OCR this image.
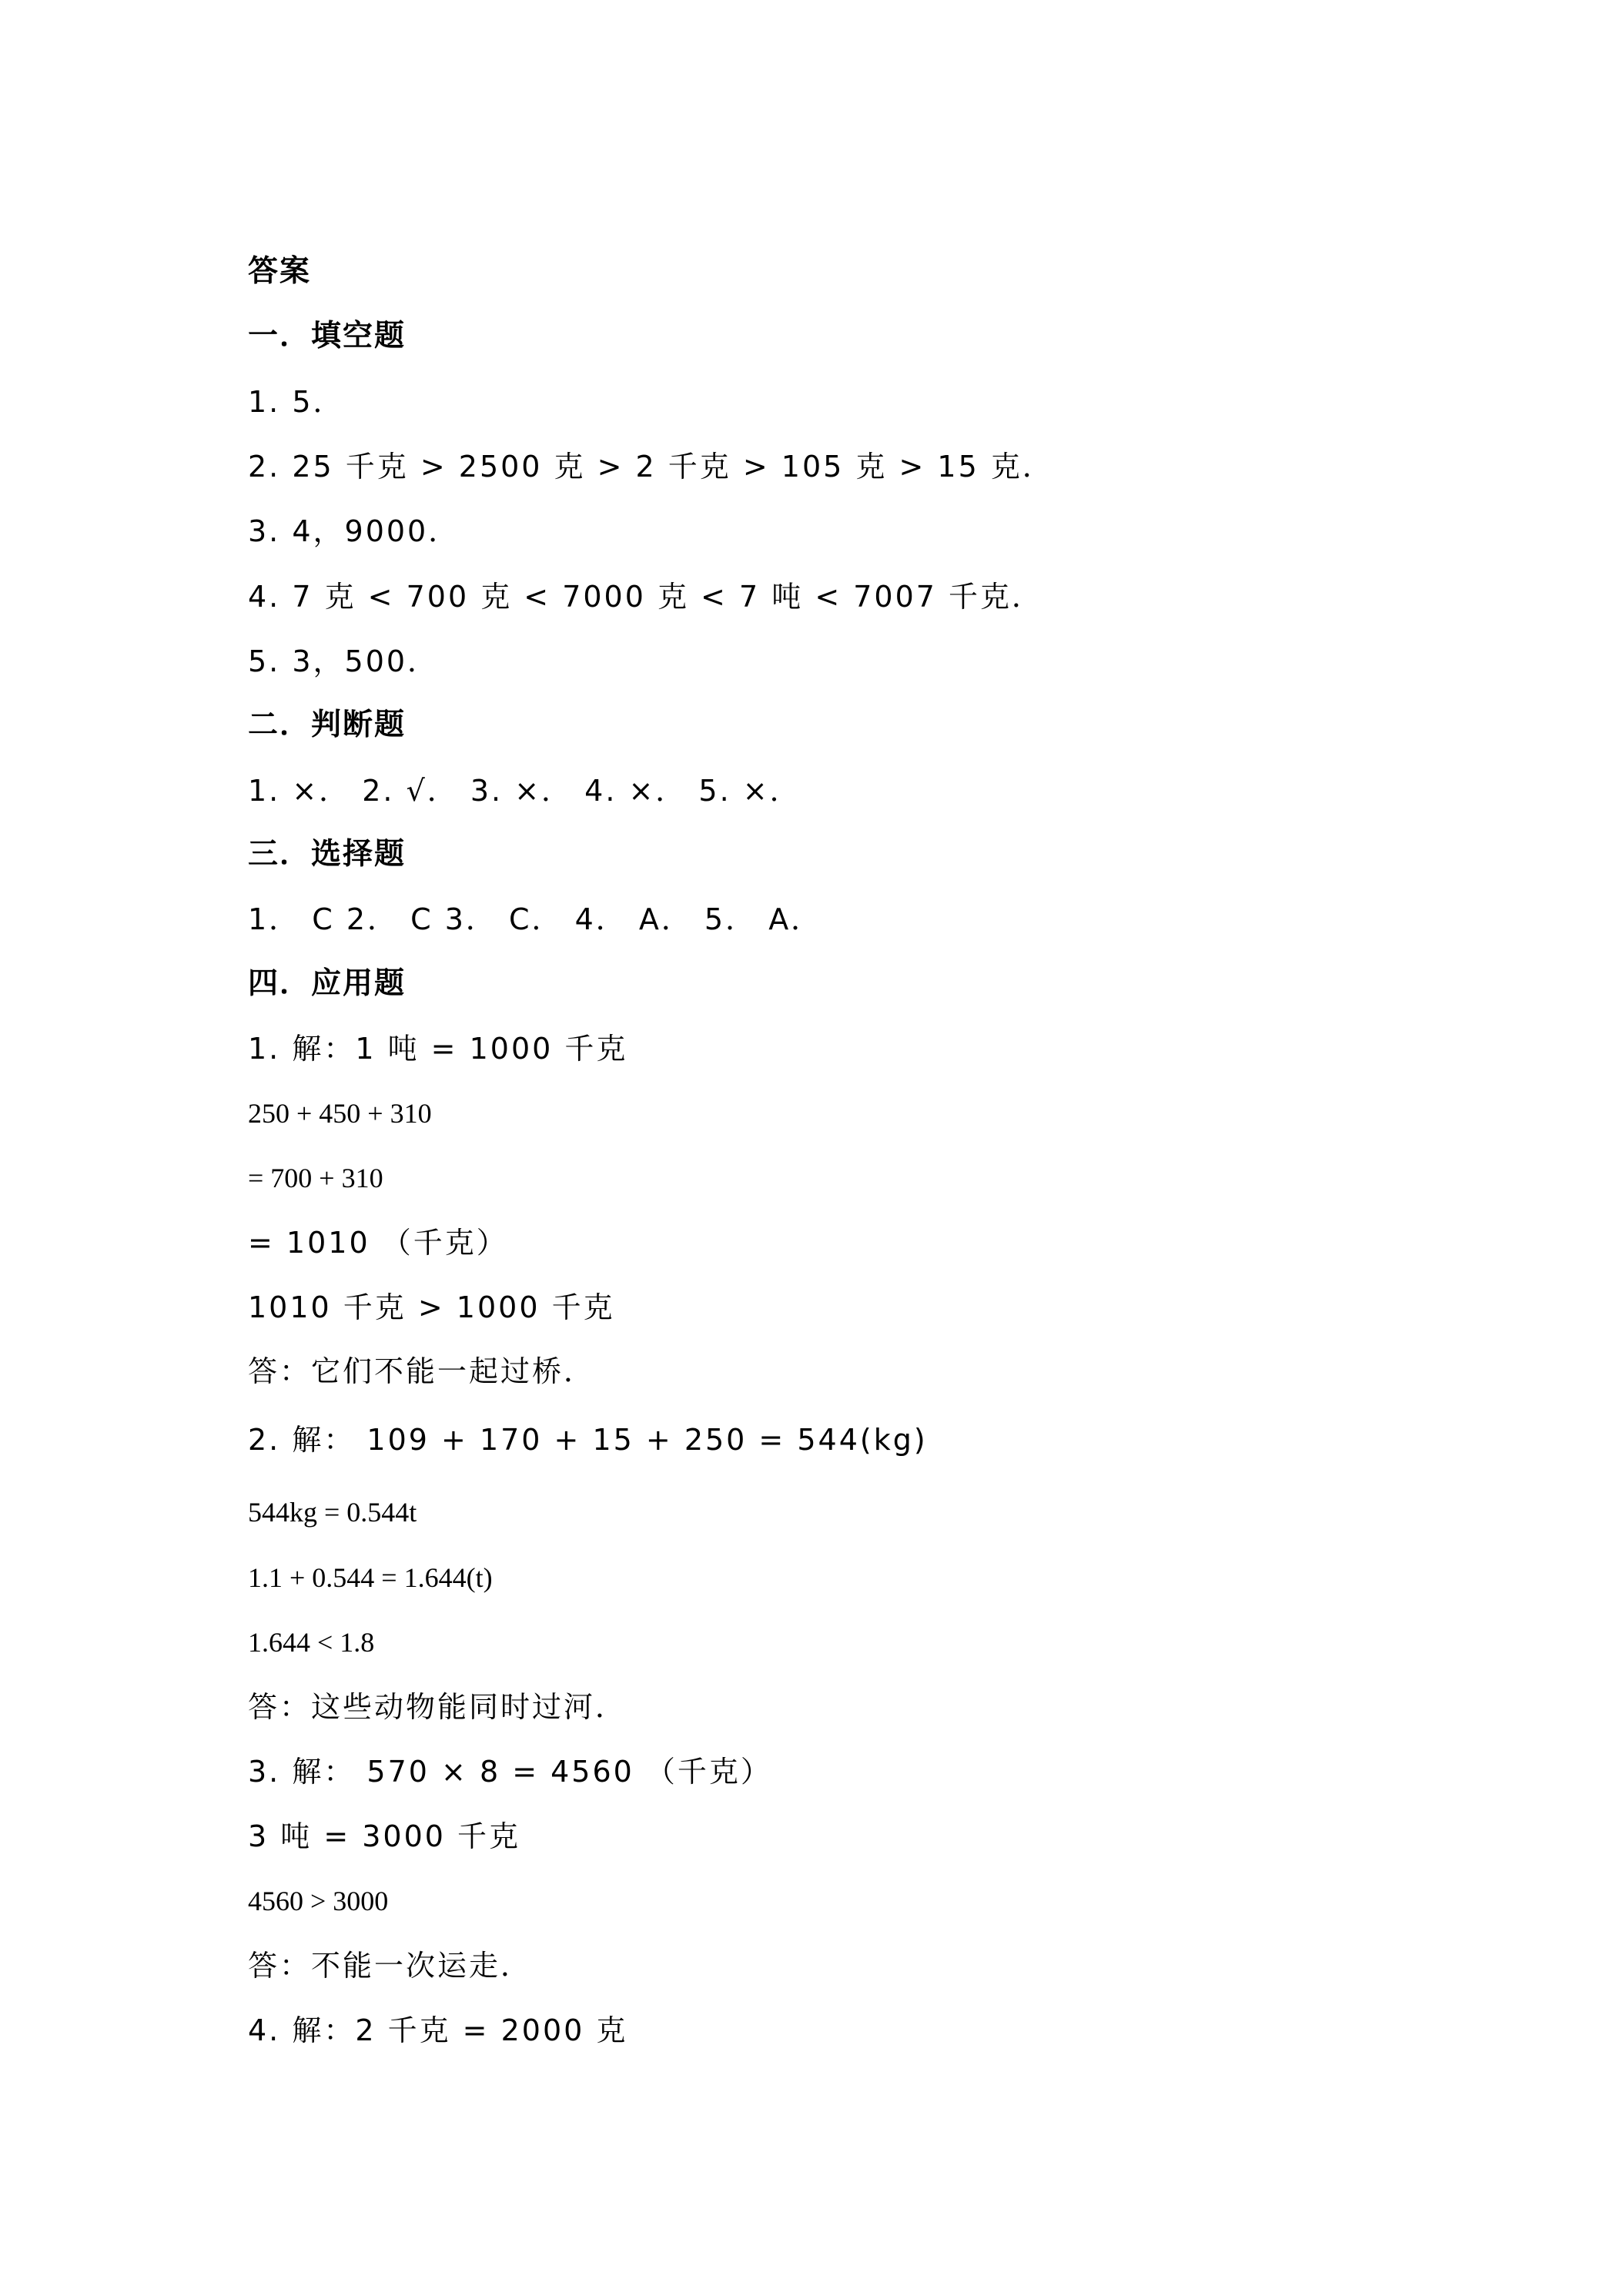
答案
一．填空题
1. 5．
2. 25 千克 > 2500 克 > 2 千克 > 105 克 > 15 克．
3. 4，9000．
4. 7 克 < 700 克 < 7000 克 < 7 吨 < 7007 千克．
5. 3，500．
二．判断题
1. ×． 2. √． 3. ×． 4. ×． 5. ×．
三．选择题
1． C 2． C 3． C． 4． A． 5． A．
四．应用题
1. 解：1 吨 = 1000 千克
250 + 450 + 310
= 700 + 310
= 1010 （千克）
1010 千克 > 1000 千克
答：它们不能一起过桥．
2. 解： 109 + 170 + 15 + 250 = 544(kg)
544kg = 0.544t
1.1 + 0.544 = 1.644(t)
1.644 < 1.8
答：这些动物能同时过河．
3. 解： 570 × 8 = 4560 （千克）
3 吨 = 3000 千克
4560 > 3000
答：不能一次运走．
4. 解：2 千克 = 2000 克
